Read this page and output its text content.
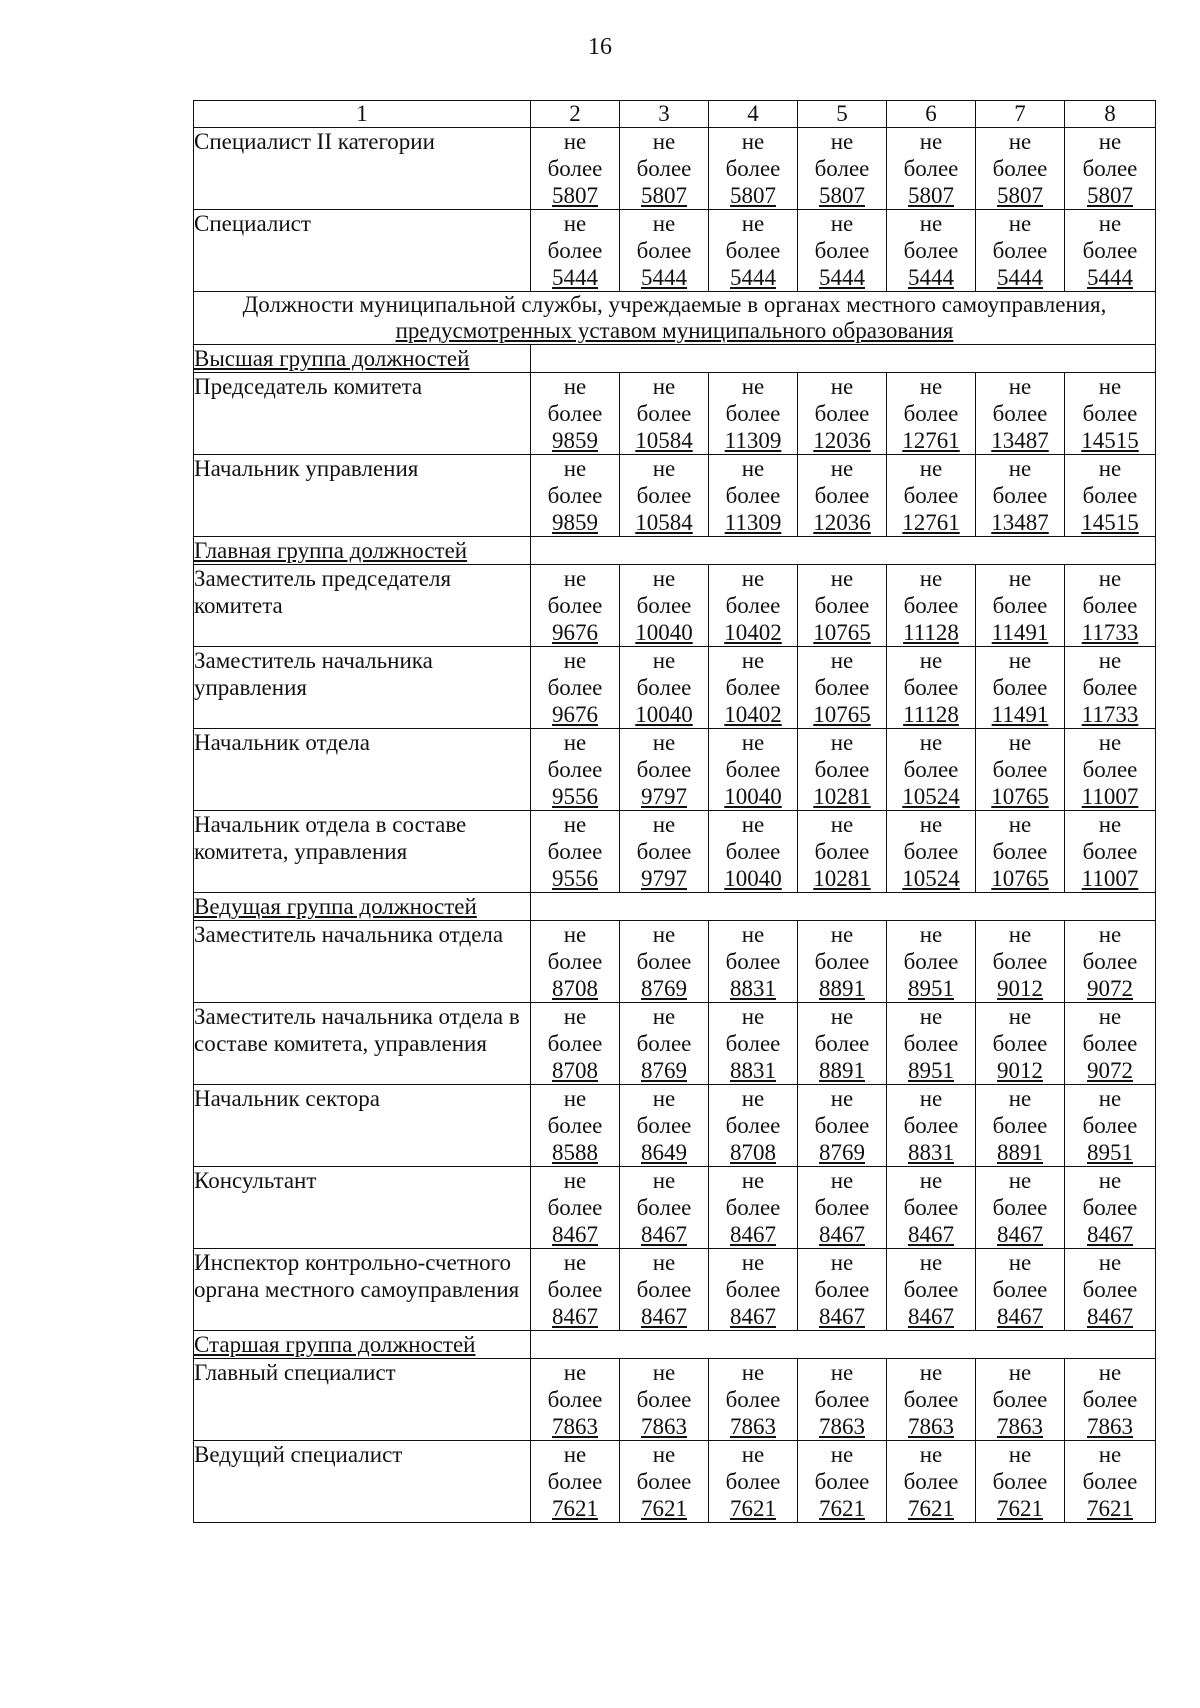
16
1	2	3	4	5	6	7	8
Специалист II категории	не
более
5807	не
более
5807	не
более
5807	не
более
5807	не
более
5807	не
более
5807	не
более
5807

Специалист	не
более
5444	не
более
5444	не
более
5444	не
более
5444	не
более
5444	не
более
5444	не
более
5444

Должности муниципальной службы, учреждаемые в органах местного самоуправления,
предусмотренных уставом муниципального образования							

Высшая группа должностей							
Председатель комитета	не
более
9859	не
более
10584	не
более
11309	не
более
12036	не
более
12761	не
более
13487	не
более
14515

Начальник управления	не
более
9859	не
более
10584	не
более
11309	не
более
12036	не
более
12761	не
более
13487	не
более
14515

Главная группа должностей							
Заместитель председателя комитета	не
более
9676	не
более
10040	не
более
10402	не
более
10765	не
более
11128	не
более
11491	не
более
11733

Заместитель начальника управления	не
более
9676	не
более
10040	не
более
10402	не
более
10765	не
более
11128	не
более
11491	не
более
11733

Начальник отдела	не
более
9556	не
более
9797	не
более
10040	не
более
10281	не
более
10524	не
более
10765	не
более
11007

Начальник отдела в составе комитета, управления	не
более
9556	не
более
9797	не
более
10040	не
более
10281	не
более
10524	не
более
10765	не
более
11007

Ведущая группа должностей							
Заместитель начальника отдела	не
более
8708	не
более
8769	не
более
8831	не
более
8891	не
более
8951	не
более
9012	не
более
9072

Заместитель начальника отдела в составе комитета, управления	не
более
8708	не
более
8769	не
более
8831	не
более
8891	не
более
8951	не
более
9012	не
более
9072

Начальник сектора	не
более
8588	не
более
8649	не
более
8708	не
более
8769	не
более
8831	не
более
8891	не
более
8951

Консультант	не
более
8467	не
более
8467	не
более
8467	не
более
8467	не
более
8467	не
более
8467	не
более
8467

Инспектор контрольно-счетного органа местного самоуправления	не
более
8467	не
более
8467	не
более
8467	не
более
8467	не
более
8467	не
более
8467	не
более
8467

Старшая группа должностей							
Главный специалист	не
более
7863	не
более
7863	не
более
7863	не
более
7863	не
более
7863	не
более
7863	не
более
7863

Ведущий специалист	не
более
7621	не
более
7621	не
более
7621	не
более
7621	не
более
7621	не
более
7621	не
более
7621
